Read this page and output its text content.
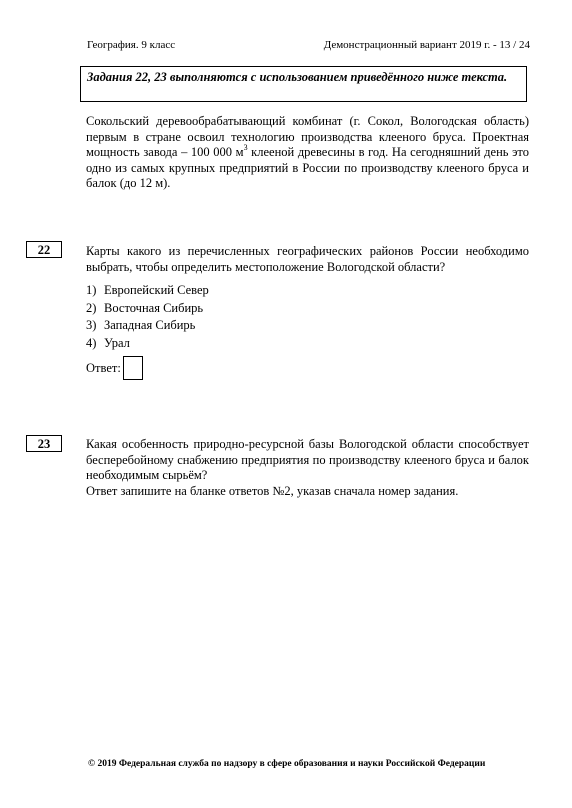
География. 9 класс	Демонстрационный вариант 2019 г. - 13 / 24
Задания 22, 23 выполняются с использованием приведённого ниже текста.
Сокольский деревообрабатывающий комбинат (г. Сокол, Вологодская область) первым в стране освоил технологию производства клееного бруса. Проектная мощность завода – 100 000 $м^3$ клееной древесины в год. На сегодняшний день это одно из самых крупных предприятий в России по производству клееного бруса и балок (до 12 м).
22	Карты какого из перечисленных географических районов России необходимо выбрать, чтобы определить местоположение Вологодской области?
1) Европейский Север
2) Восточная Сибирь
3) Западная Сибирь
4) Урал
Ответ:
23	Какая особенность природно-ресурсной базы Вологодской области способствует бесперебойному снабжению предприятия по производству клееного бруса и балок необходимым сырьём?
Ответ запишите на бланке ответов №2, указав сначала номер задания.
© 2019 Федеральная служба по надзору в сфере образования и науки Российской Федерации
